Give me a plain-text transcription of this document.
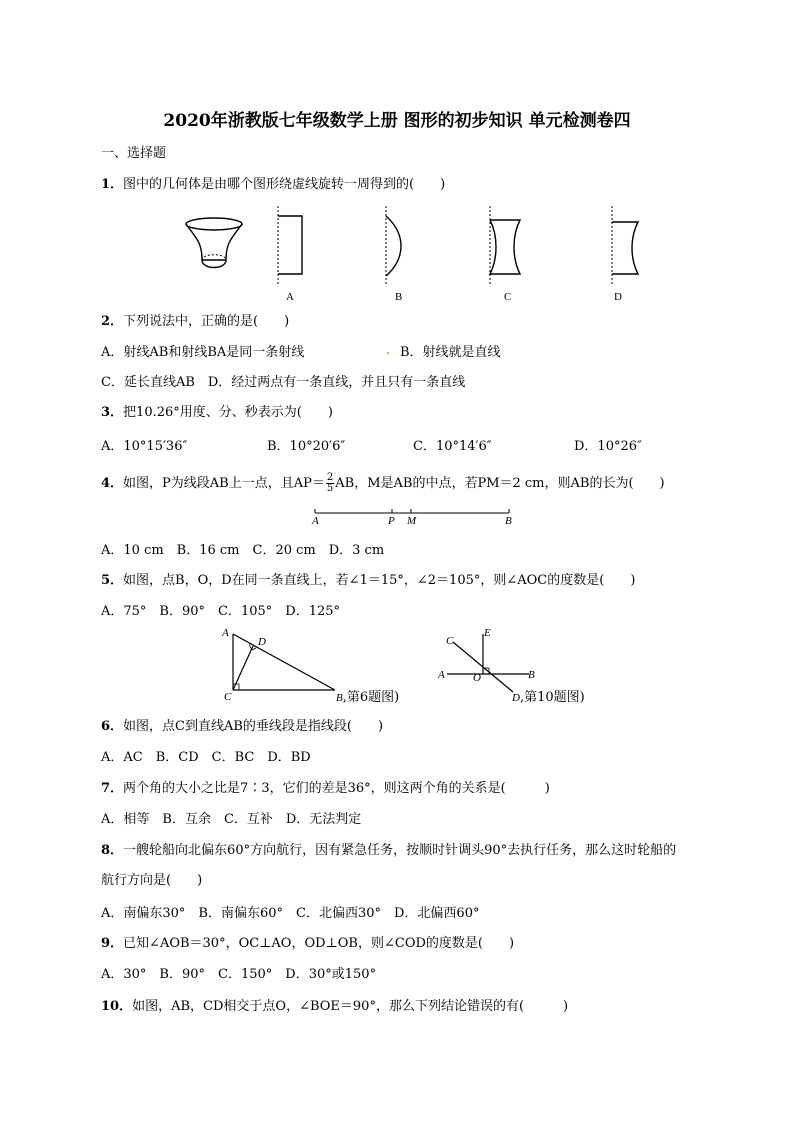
2020年浙教版七年级数学上册 图形的初步知识 单元检测卷四
一、选择题
1．图中的几何体是由哪个图形绕虚线旋转一周得到的(　　)
A	B	C	D
2．下列说法中，正确的是(　　)
A．射线AB和射线BA是同一条射线	. B．射线就是直线
C．延长直线AB　D．经过两点有一条直线，并且只有一条直线
3．把10.26°用度、分、秒表示为(　　)
A．10°15′36″	B．10°20′6″	C．10°14′6″	D．10°26″
4．如图，P为线段AB上一点，且$AP= \frac{2}{5}$ AB，M是AB的中点，若PM＝2 cm，则AB的长为(　　)
A	P M	B
A．10 cm　B．16 cm　C．20 cm　D．3 cm
5．如图，点B，O，D在同一条直线上，若∠1＝15°，∠2＝105°，则∠AOC的度数是(　　)
A．75°　B．90°　C．105°　D．125°
A
D
C	B,第6题图)
C
E
A	O	B
D,第10题图)
6．如图，点C到直线AB的垂线段是指线段(　　)
A．AC　B．CD　C．BC　D．BD
7．两个角的大小之比是7∶3，它们的差是36°，则这两个角的关系是(　　　)
A．相等　B．互余　C．互补　D．无法判定
8．一艘轮船向北偏东60°方向航行，因有紧急任务，按顺时针调头90°去执行任务，那么这时轮船的
航行方向是(　　)
A．南偏东30°　B．南偏东60°　C．北偏西30°　D．北偏西60°
9．已知∠AOB＝30°，OC⊥AO，OD⊥OB，则∠COD的度数是(　　)
A．30°　B．90°　C．150°　D．30°或150°
10．如图，AB，CD相交于点O，∠BOE＝90°，那么下列结论错误的有(　　　)
